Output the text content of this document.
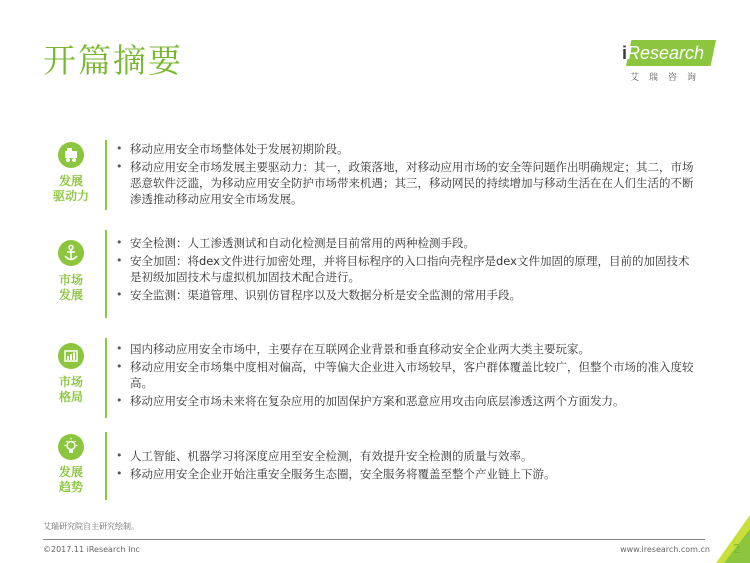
开篇摘要	iResearch
艾瑞咨询
发展
驱动力
• 移动应用安全市场整体处于发展初期阶段。
• 移动应用安全市场发展主要驱动力：其一，政策落地，对移动应用市场的安全等问题作出明确规定；其二，市场恶意软件泛滥，为移动应用安全防护市场带来机遇；其三，移动网民的持续增加与移动生活在在人们生活的不断渗透推动移动应用安全市场发展。
市场
发展
• 安全检测：人工渗透测试和自动化检测是目前常用的两种检测手段。
• 安全加固：将dex文件进行加密处理，并将目标程序的入口指向壳程序是dex文件加固的原理，目前的加固技术是初级加固技术与虚拟机加固技术配合进行。
• 安全监测：渠道管理、识别仿冒程序以及大数据分析是安全监测的常用手段。
市场
格局
• 国内移动应用安全市场中，主要存在互联网企业背景和垂直移动安全企业两大类主要玩家。
• 移动应用安全市场集中度相对偏高，中等偏大企业进入市场较早，客户群体覆盖比较广，但整个市场的准入度较高。
• 移动应用安全市场未来将在复杂应用的加固保护方案和恶意应用攻击向底层渗透这两个方面发力。
发展
趋势
• 人工智能、机器学习将深度应用至安全检测，有效提升安全检测的质量与效率。
• 移动应用安全企业开始注重安全服务生态圈，安全服务将覆盖至整个产业链上下游。
艾瑞研究院自主研究绘制。
©2017.11 iResearch Inc	www.iresearch.com.cn 2
